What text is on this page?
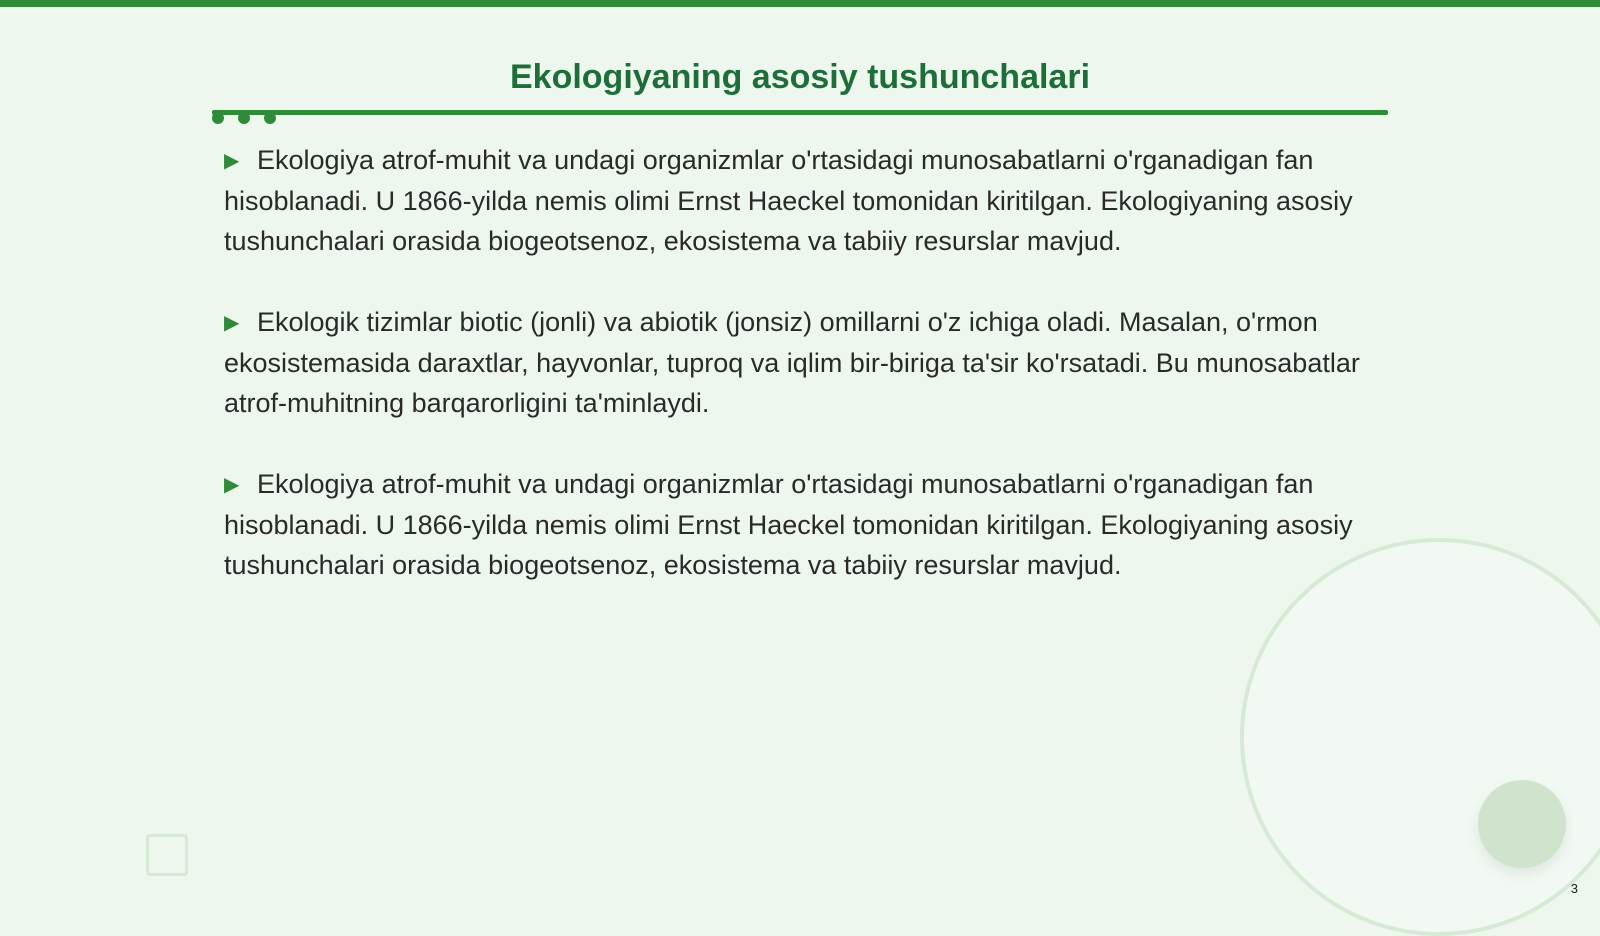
Ekologiyaning asosiy tushunchalari

▶ Ekologiya atrof-muhit va undagi organizmlar o'rtasidagi munosabatlarni o'rganadigan fan hisoblanadi. U 1866-yilda nemis olimi Ernst Haeckel tomonidan kiritilgan. Ekologiyaning asosiy tushunchalari orasida biogeotsenoz, ekosistema va tabiiy resurslar mavjud.

▶ Ekologik tizimlar biotic (jonli) va abiotik (jonsiz) omillarni o'z ichiga oladi. Masalan, o'rmon ekosistemasida daraxtlar, hayvonlar, tuproq va iqlim bir-biriga ta'sir ko'rsatadi. Bu munosabatlar atrof-muhitning barqarorligini ta'minlaydi.

▶ Ekologiya atrof-muhit va undagi organizmlar o'rtasidagi munosabatlarni o'rganadigan fan hisoblanadi. U 1866-yilda nemis olimi Ernst Haeckel tomonidan kiritilgan. Ekologiyaning asosiy tushunchalari orasida biogeotsenoz, ekosistema va tabiiy resurslar mavjud.

3
